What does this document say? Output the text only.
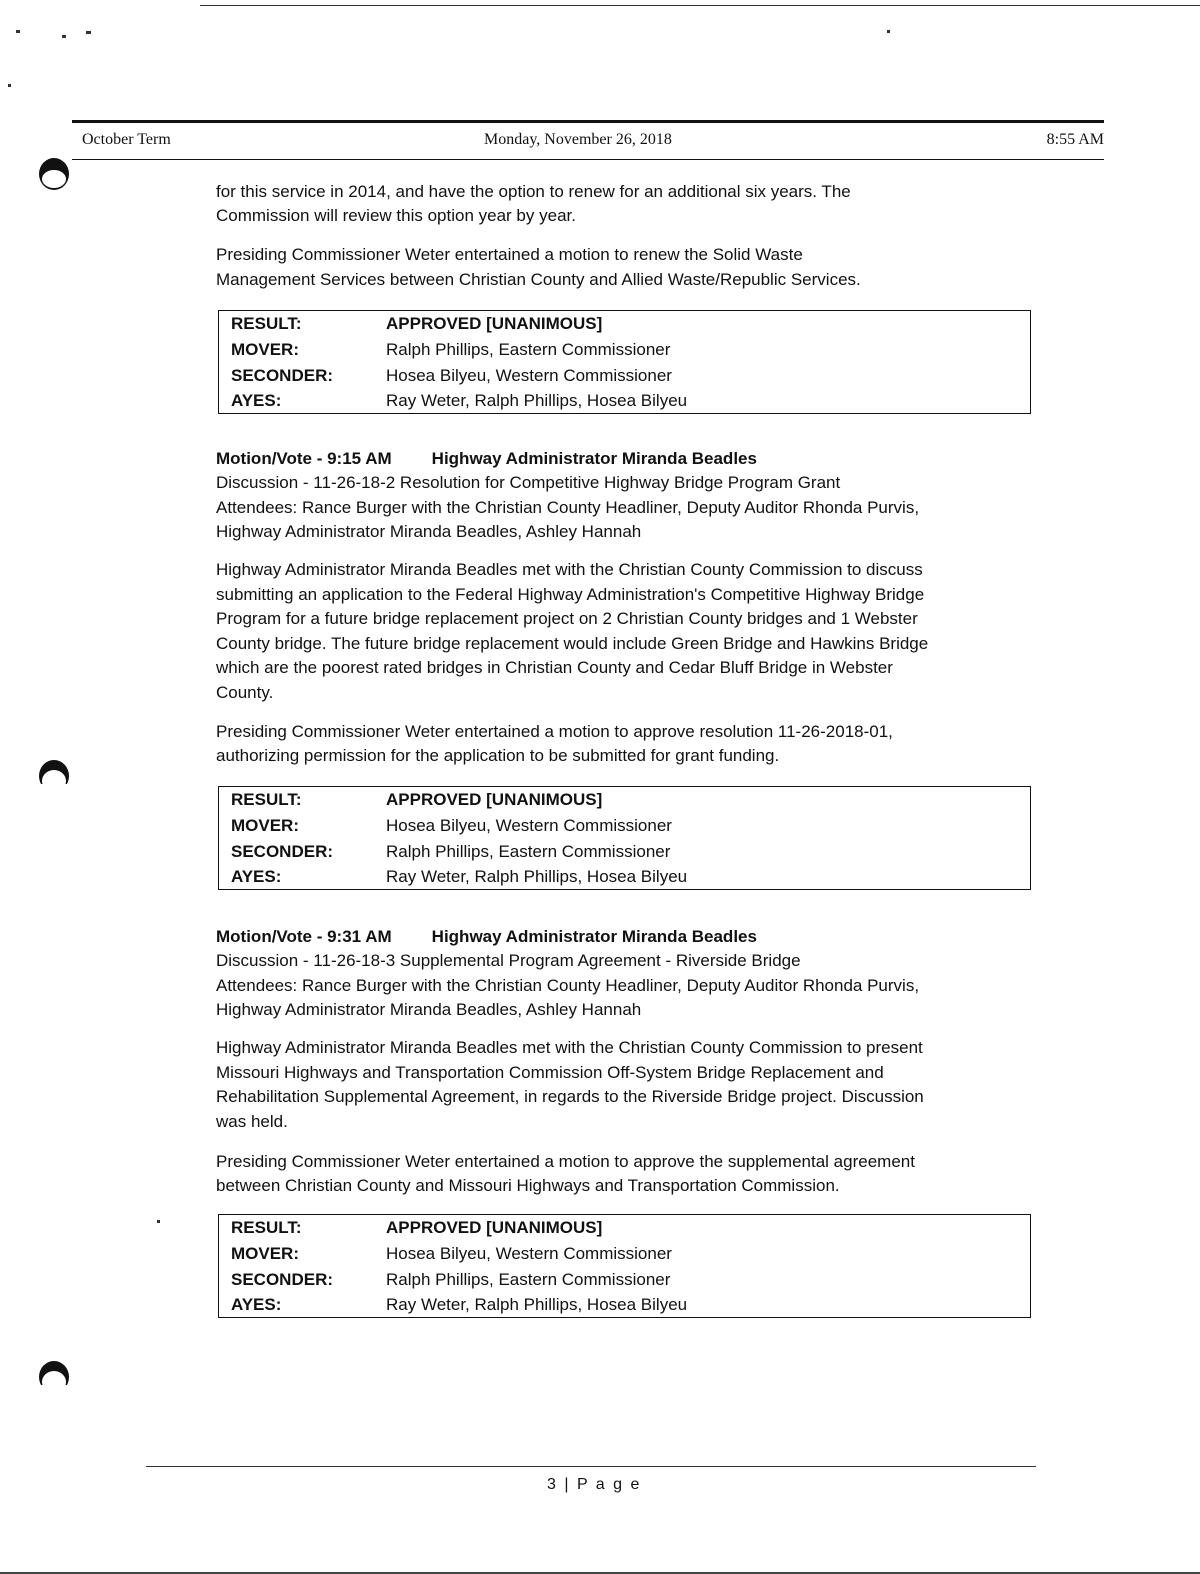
October Term	Monday, November 26, 2018	8:55 AM
for this service in 2014, and have the option to renew for an additional six years. The
Commission will review this option year by year.
Presiding Commissioner Weter entertained a motion to renew the Solid Waste
Management Services between Christian County and Allied Waste/Republic Services.
RESULT:	APPROVED [UNANIMOUS]
MOVER:	Ralph Phillips, Eastern Commissioner
SECONDER:	Hosea Bilyeu, Western Commissioner
AYES:	Ray Weter, Ralph Phillips, Hosea Bilyeu
Motion/Vote - 9:15 AM Highway Administrator Miranda Beadles
Discussion - 11-26-18-2 Resolution for Competitive Highway Bridge Program Grant
Attendees: Rance Burger with the Christian County Headliner, Deputy Auditor Rhonda Purvis,
Highway Administrator Miranda Beadles, Ashley Hannah
Highway Administrator Miranda Beadles met with the Christian County Commission to discuss
submitting an application to the Federal Highway Administration's Competitive Highway Bridge
Program for a future bridge replacement project on 2 Christian County bridges and 1 Webster
County bridge. The future bridge replacement would include Green Bridge and Hawkins Bridge
which are the poorest rated bridges in Christian County and Cedar Bluff Bridge in Webster
County.
Presiding Commissioner Weter entertained a motion to approve resolution 11-26-2018-01,
authorizing permission for the application to be submitted for grant funding.
RESULT:	APPROVED [UNANIMOUS]
MOVER:	Hosea Bilyeu, Western Commissioner
SECONDER:	Ralph Phillips, Eastern Commissioner
AYES:	Ray Weter, Ralph Phillips, Hosea Bilyeu
Motion/Vote - 9:31 AM Highway Administrator Miranda Beadles
Discussion - 11-26-18-3 Supplemental Program Agreement - Riverside Bridge
Attendees: Rance Burger with the Christian County Headliner, Deputy Auditor Rhonda Purvis,
Highway Administrator Miranda Beadles, Ashley Hannah
Highway Administrator Miranda Beadles met with the Christian County Commission to present
Missouri Highways and Transportation Commission Off-System Bridge Replacement and
Rehabilitation Supplemental Agreement, in regards to the Riverside Bridge project. Discussion
was held.
Presiding Commissioner Weter entertained a motion to approve the supplemental agreement
between Christian County and Missouri Highways and Transportation Commission.
RESULT:	APPROVED [UNANIMOUS]
MOVER:	Hosea Bilyeu, Western Commissioner
SECONDER:	Ralph Phillips, Eastern Commissioner
AYES:	Ray Weter, Ralph Phillips, Hosea Bilyeu
3 | P a g e
